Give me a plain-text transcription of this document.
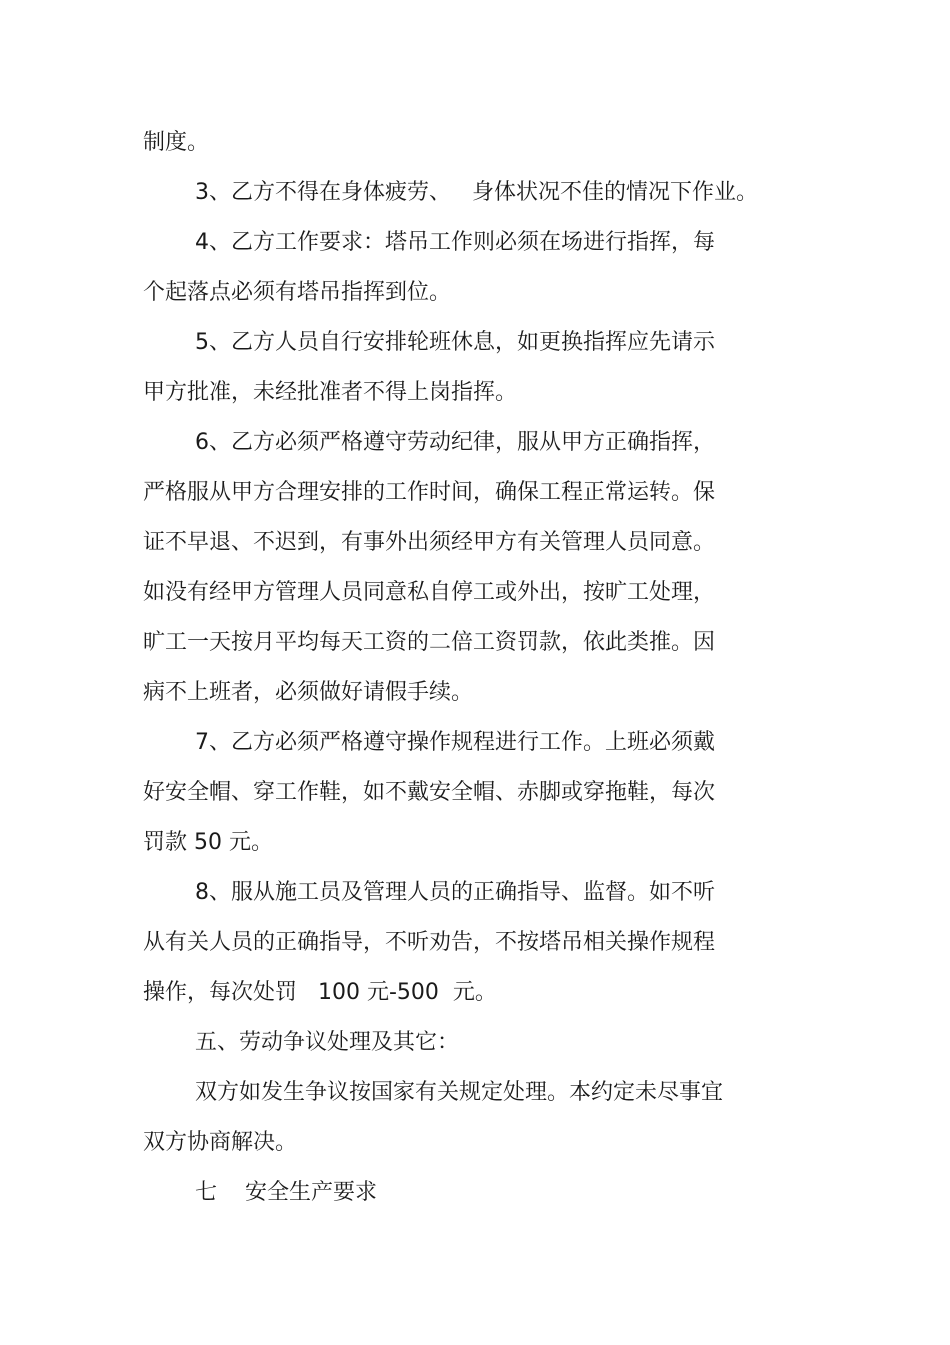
制度。
3、乙方不得在身体疲劳、   身体状况不佳的情况下作业。
4、乙方工作要求：塔吊工作则必须在场进行指挥，每
个起落点必须有塔吊指挥到位。
5、乙方人员自行安排轮班休息，如更换指挥应先请示
甲方批准，未经批准者不得上岗指挥。
6、乙方必须严格遵守劳动纪律，服从甲方正确指挥，
严格服从甲方合理安排的工作时间，确保工程正常运转。保
证不早退、不迟到，有事外出须经甲方有关管理人员同意。
如没有经甲方管理人员同意私自停工或外出，按旷工处理，
旷工一天按月平均每天工资的二倍工资罚款，依此类推。因
病不上班者，必须做好请假手续。
7、乙方必须严格遵守操作规程进行工作。上班必须戴
好安全帽、穿工作鞋，如不戴安全帽、赤脚或穿拖鞋，每次
罚款 50 元。
8、服从施工员及管理人员的正确指导、监督。如不听
从有关人员的正确指导，不听劝告，不按塔吊相关操作规程
操作，每次处罚   100 元-500  元。
五、劳动争议处理及其它：
双方如发生争议按国家有关规定处理。本约定未尽事宜
双方协商解决。
七    安全生产要求
